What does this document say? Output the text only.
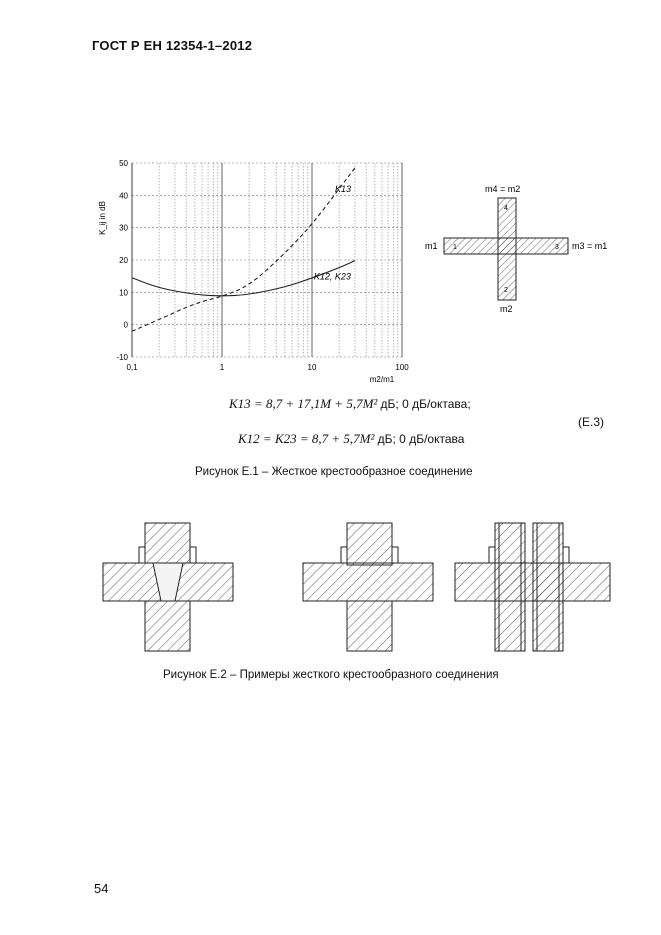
ГОСТ Р ЕН 12354-1–2012
-10
0
10
20
30
40
50
0,1	1	10	100
K_ij in dB
m2/m1
K13
K12, K23
m4 = m2
m1	m3 = m1
m2
1
2
3
4
K13 = 8,7 + 17,1M + 5,7M² дБ; 0 дБ/октава;
(E.3)
K12 = K23 = 8,7 + 5,7M² дБ; 0 дБ/октава
Рисунок Е.1 – Жесткое крестообразное соединение
Рисунок Е.2 – Примеры жесткого крестообразного соединения
54
